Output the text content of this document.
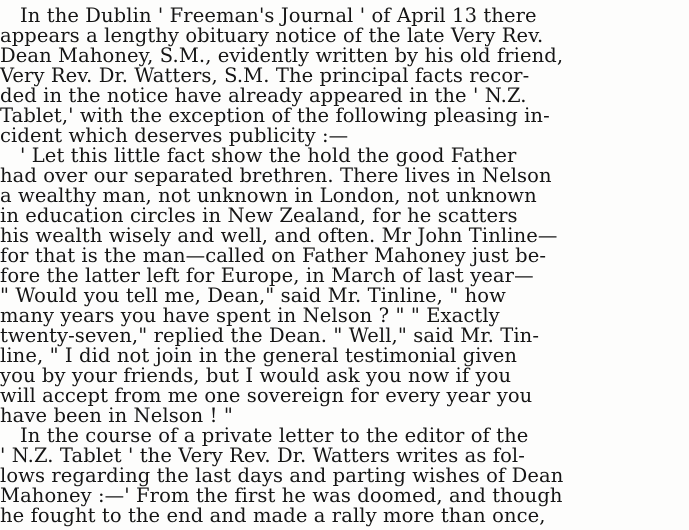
In the Dublin ' Freeman's Journal ' of April 13 there
appears a lengthy obituary notice of the late Very Rev.
Dean Mahoney, S.M., evidently written by his old friend,
Very Rev. Dr. Watters, S.M. The principal facts recor-
ded in the notice have already appeared in the ' N.Z.
Tablet,' with the exception of the following pleasing in-
cident which deserves publicity :—
' Let this little fact show the hold the good Father
had over our separated brethren. There lives in Nelson
a wealthy man, not unknown in London, not unknown
in education circles in New Zealand, for he scatters
his wealth wisely and well, and often. Mr John Tinline—
for that is the man—called on Father Mahoney just be-
fore the latter left for Europe, in March of last year—
" Would you tell me, Dean," said Mr. Tinline, " how
many years you have spent in Nelson ? " " Exactly
twenty-seven," replied the Dean. " Well," said Mr. Tin-
line, " I did not join in the general testimonial given
you by your friends, but I would ask you now if you
will accept from me one sovereign for every year you
have been in Nelson ! "
In the course of a private letter to the editor of the
' N.Z. Tablet ' the Very Rev. Dr. Watters writes as fol-
lows regarding the last days and parting wishes of Dean
Mahoney :—' From the first he was doomed, and though
he fought to the end and made a rally more than once,
